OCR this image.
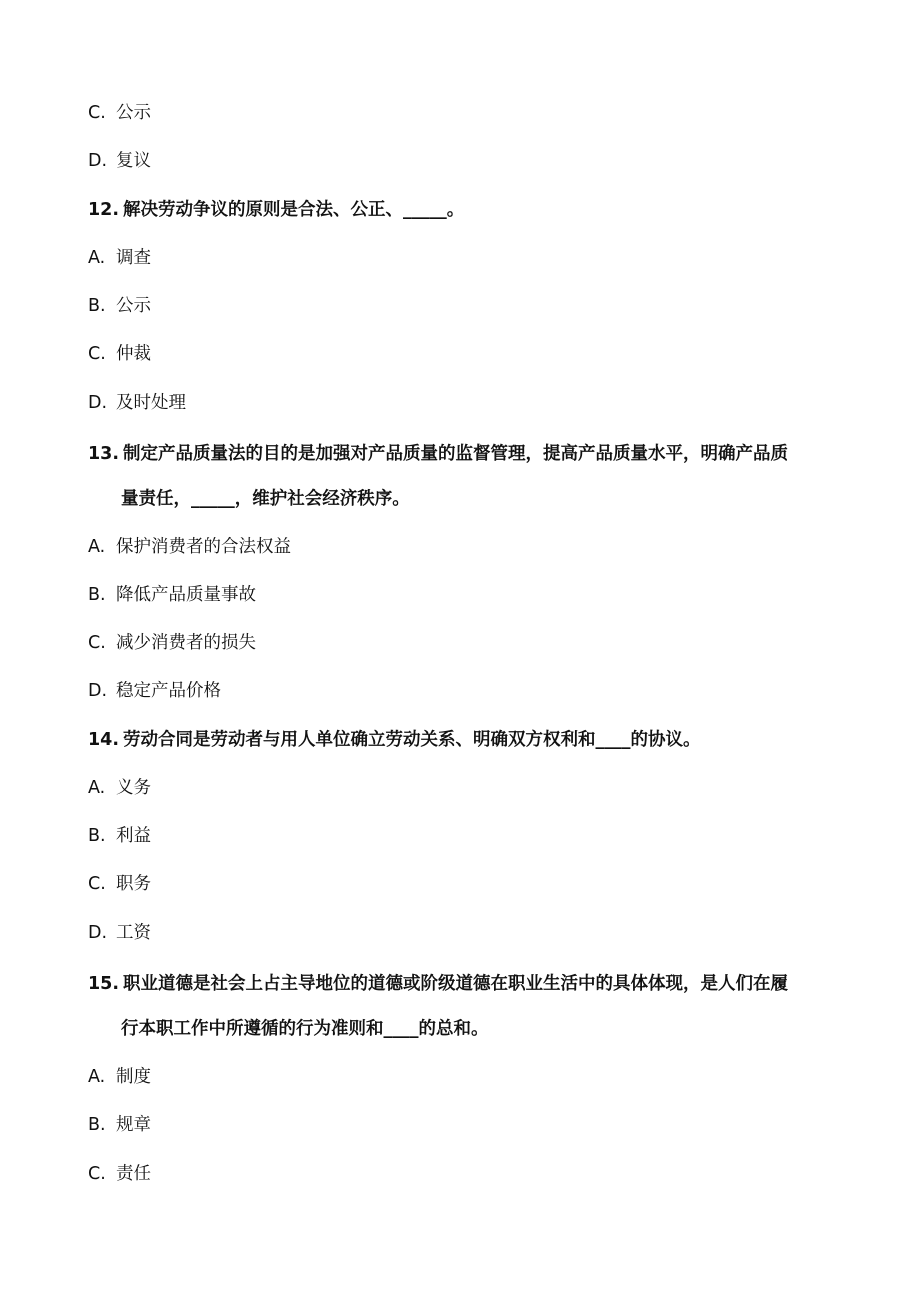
C. 公示
D. 复议
12. 解决劳动争议的原则是合法、公正、_____。
A. 调查
B. 公示
C. 仲裁
D. 及时处理
13. 制定产品质量法的目的是加强对产品质量的监督管理，提高产品质量水平，明确产品质
量责任，_____，维护社会经济秩序。
A. 保护消费者的合法权益
B. 降低产品质量事故
C. 减少消费者的损失
D. 稳定产品价格
14. 劳动合同是劳动者与用人单位确立劳动关系、明确双方权利和____的协议。
A. 义务
B. 利益
C. 职务
D. 工资
15. 职业道德是社会上占主导地位的道德或阶级道德在职业生活中的具体体现，是人们在履
行本职工作中所遵循的行为准则和____的总和。
A. 制度
B. 规章
C. 责任
